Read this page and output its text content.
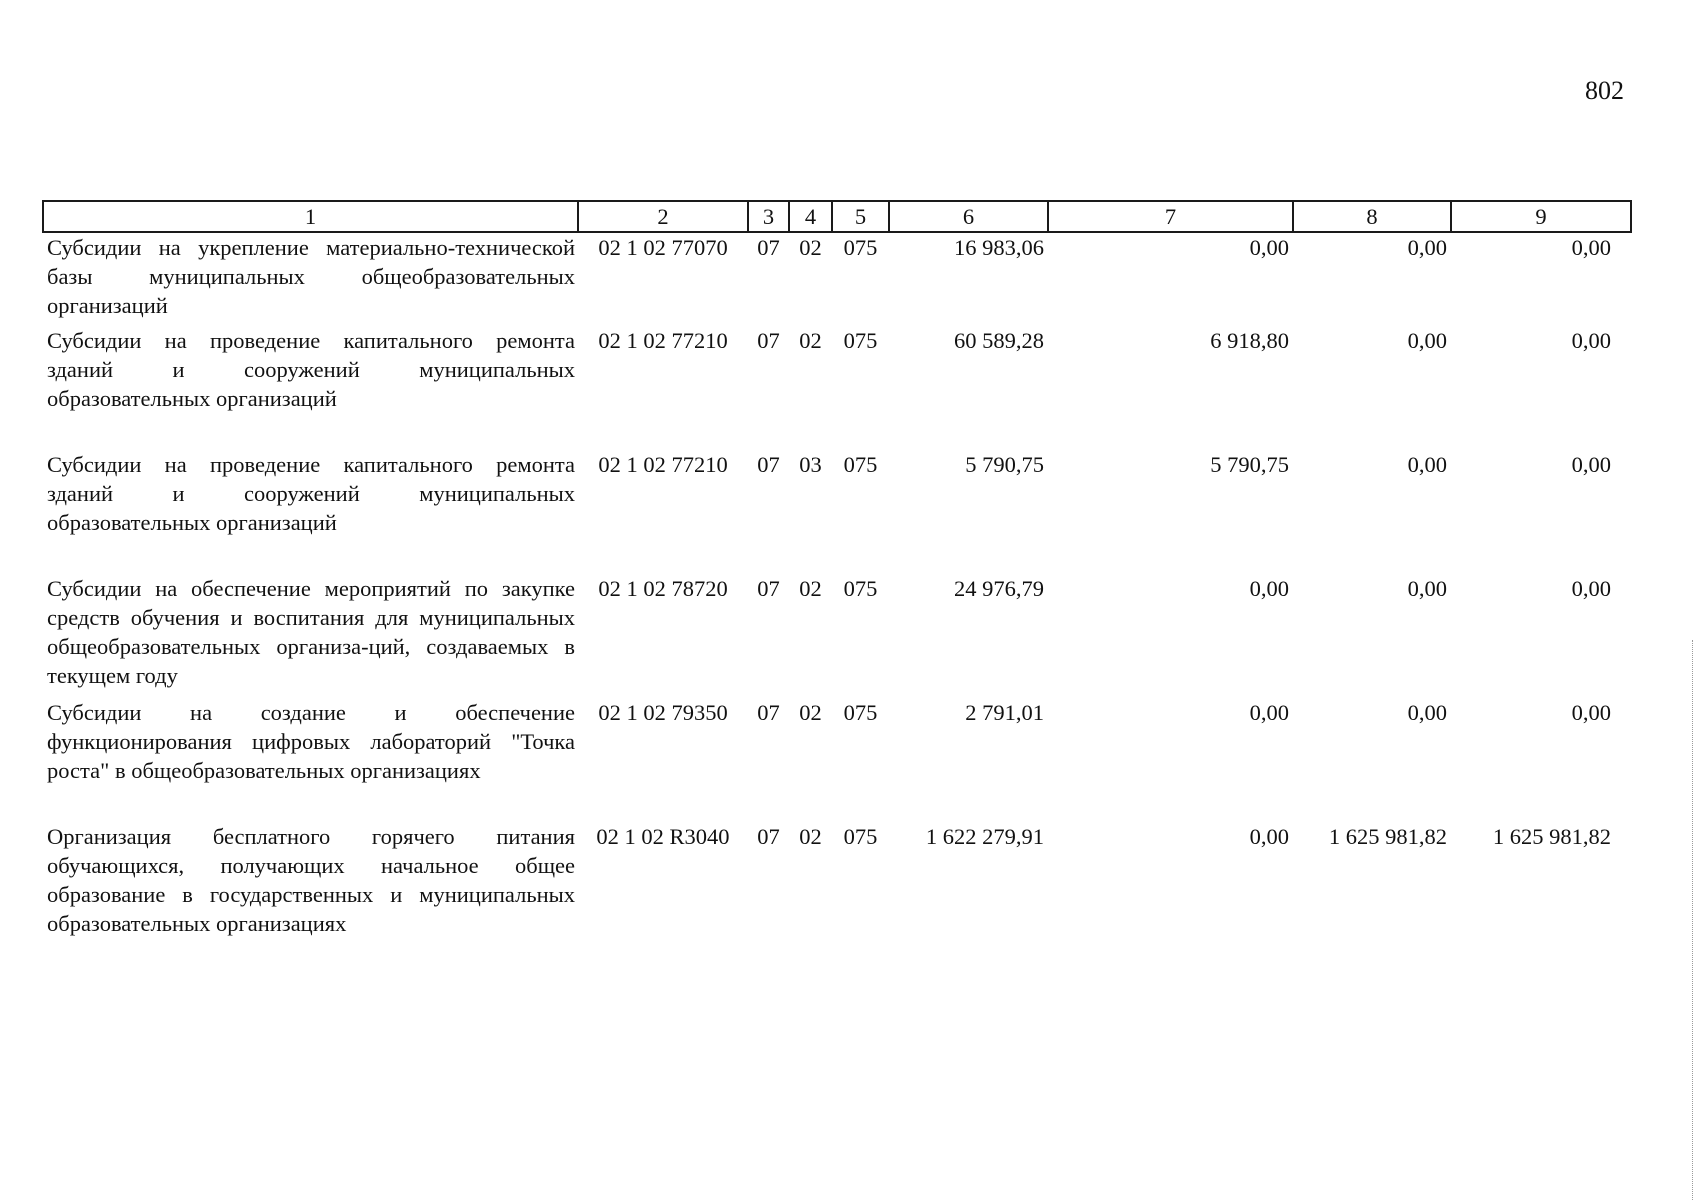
802
1	2	3	4	5	6	7	8	9
Субсидии на укрепление материально-технической базы муниципальных общеобразовательных организаций	02 1 02 77070	07	02	075	16 983,06	0,00	0,00	0,00
Субсидии на проведение капитального ремонта зданий и сооружений муниципальных образовательных организаций	02 1 02 77210	07	02	075	60 589,28	6 918,80	0,00	0,00
Субсидии на проведение капитального ремонта зданий и сооружений муниципальных образовательных организаций	02 1 02 77210	07	03	075	5 790,75	5 790,75	0,00	0,00
Субсидии на обеспечение мероприятий по закупке средств обучения и воспитания для муниципальных общеобразовательных организа-ций, создаваемых в текущем году	02 1 02 78720	07	02	075	24 976,79	0,00	0,00	0,00
Субсидии на создание и обеспечение функционирования цифровых лабораторий "Точка роста" в общеобразовательных организациях	02 1 02 79350	07	02	075	2 791,01	0,00	0,00	0,00
Организация бесплатного горячего питания обучающихся, получающих начальное общее образование в государственных и муниципальных образовательных организациях	02 1 02 R3040	07	02	075	1 622 279,91	0,00	1 625 981,82	1 625 981,82
